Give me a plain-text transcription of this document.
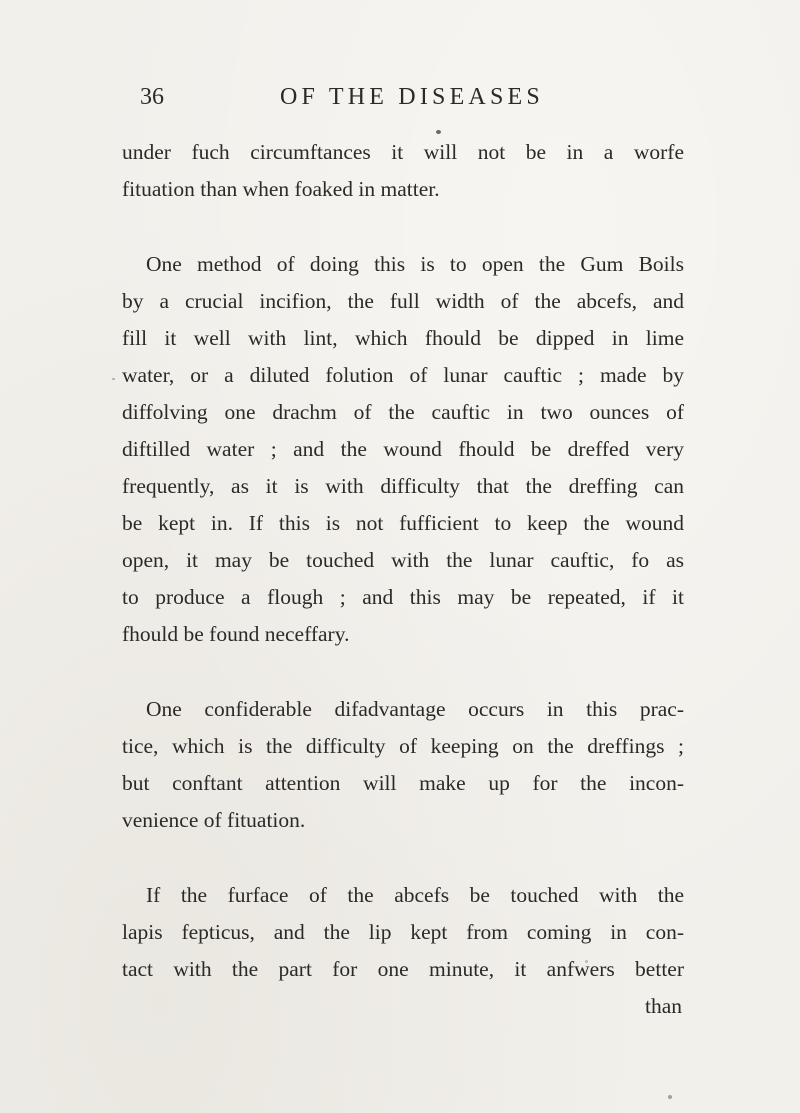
36	OF THE DISEASES
under fuch circumftances it will not be in a worfe
fituation than when foaked in matter.
One method of doing this is to open the Gum Boils
by a crucial incifion, the full width of the abcefs, and
fill it well with lint, which fhould be dipped in lime
water, or a diluted folution of lunar cauftic ; made by
diffolving one drachm of the cauftic in two ounces of
diftilled water ; and the wound fhould be dreffed very
frequently, as it is with difficulty that the dreffing can
be kept in. If this is not fufficient to keep the wound
open, it may be touched with the lunar cauftic, fo as
to produce a flough ; and this may be repeated, if it
fhould be found neceffary.
One confiderable difadvantage occurs in this prac-
tice, which is the difficulty of keeping on the dreffings ;
but conftant attention will make up for the incon-
venience of fituation.
If the furface of the abcefs be touched with the
lapis fepticus, and the lip kept from coming in con-
tact with the part for one minute, it anfwers better
than
